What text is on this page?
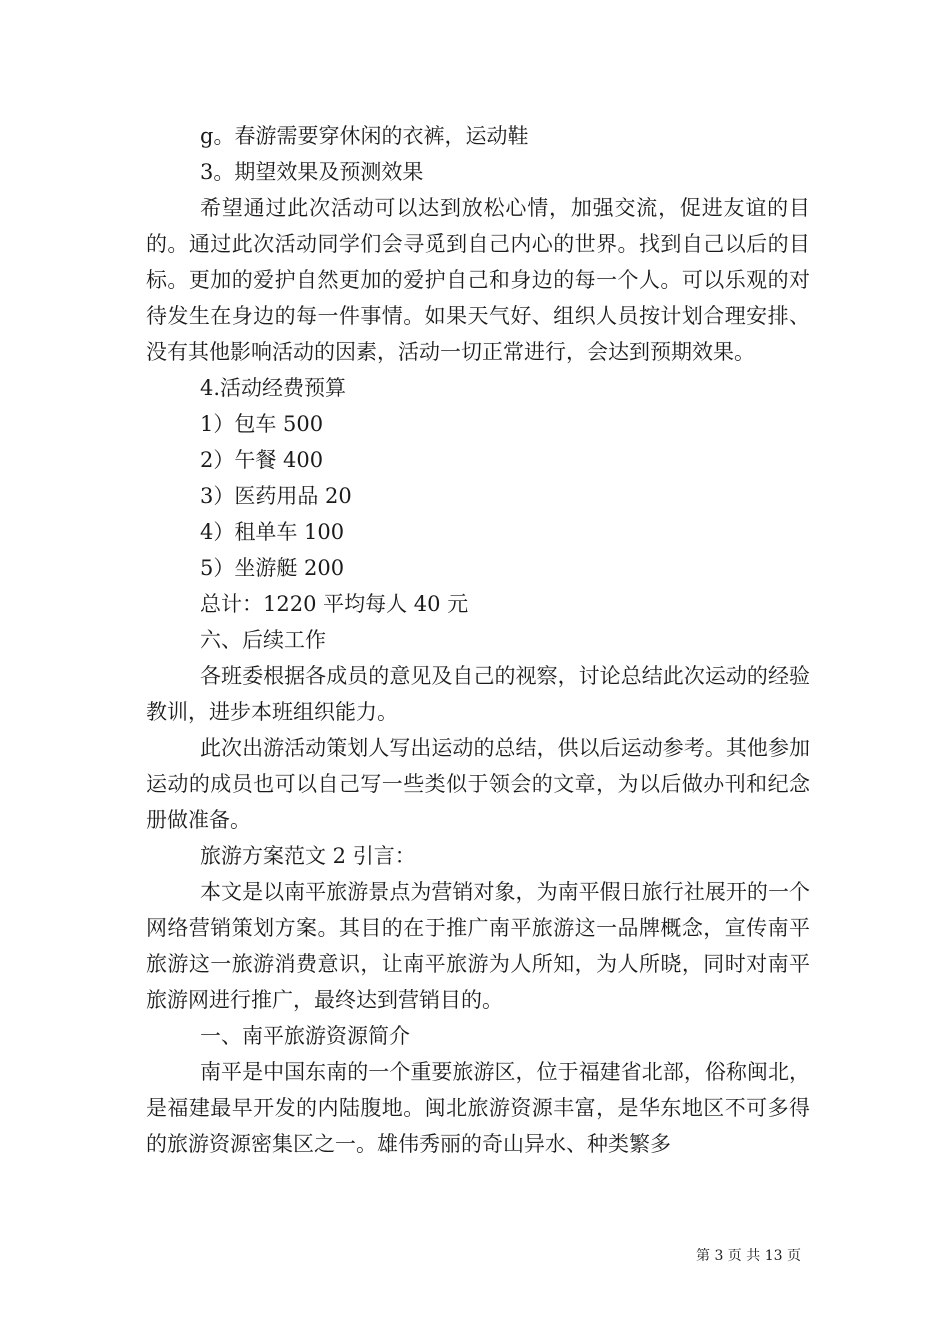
g。春游需要穿休闲的衣裤，运动鞋
3。期望效果及预测效果
希望通过此次活动可以达到放松心情，加强交流，促进友谊的目的。通过此次活动同学们会寻觅到自己内心的世界。找到自己以后的目标。更加的爱护自然更加的爱护自己和身边的每一个人。可以乐观的对待发生在身边的每一件事情。如果天气好、组织人员按计划合理安排、没有其他影响活动的因素，活动一切正常进行，会达到预期效果。
4.活动经费预算
1）包车 500
2）午餐 400
3）医药用品 20
4）租单车 100
5）坐游艇 200
总计：1220 平均每人 40 元
六、后续工作
各班委根据各成员的意见及自己的视察，讨论总结此次运动的经验教训，进步本班组织能力。
此次出游活动策划人写出运动的总结，供以后运动参考。其他参加运动的成员也可以自己写一些类似于领会的文章，为以后做办刊和纪念册做准备。
旅游方案范文 2 引言：
本文是以南平旅游景点为营销对象，为南平假日旅行社展开的一个网络营销策划方案。其目的在于推广南平旅游这一品牌概念，宣传南平旅游这一旅游消费意识，让南平旅游为人所知，为人所晓，同时对南平旅游网进行推广，最终达到营销目的。
一、南平旅游资源简介
南平是中国东南的一个重要旅游区，位于福建省北部，俗称闽北，是福建最早开发的内陆腹地。闽北旅游资源丰富，是华东地区不可多得的旅游资源密集区之一。雄伟秀丽的奇山异水、种类繁多
第 3 页 共 13 页
